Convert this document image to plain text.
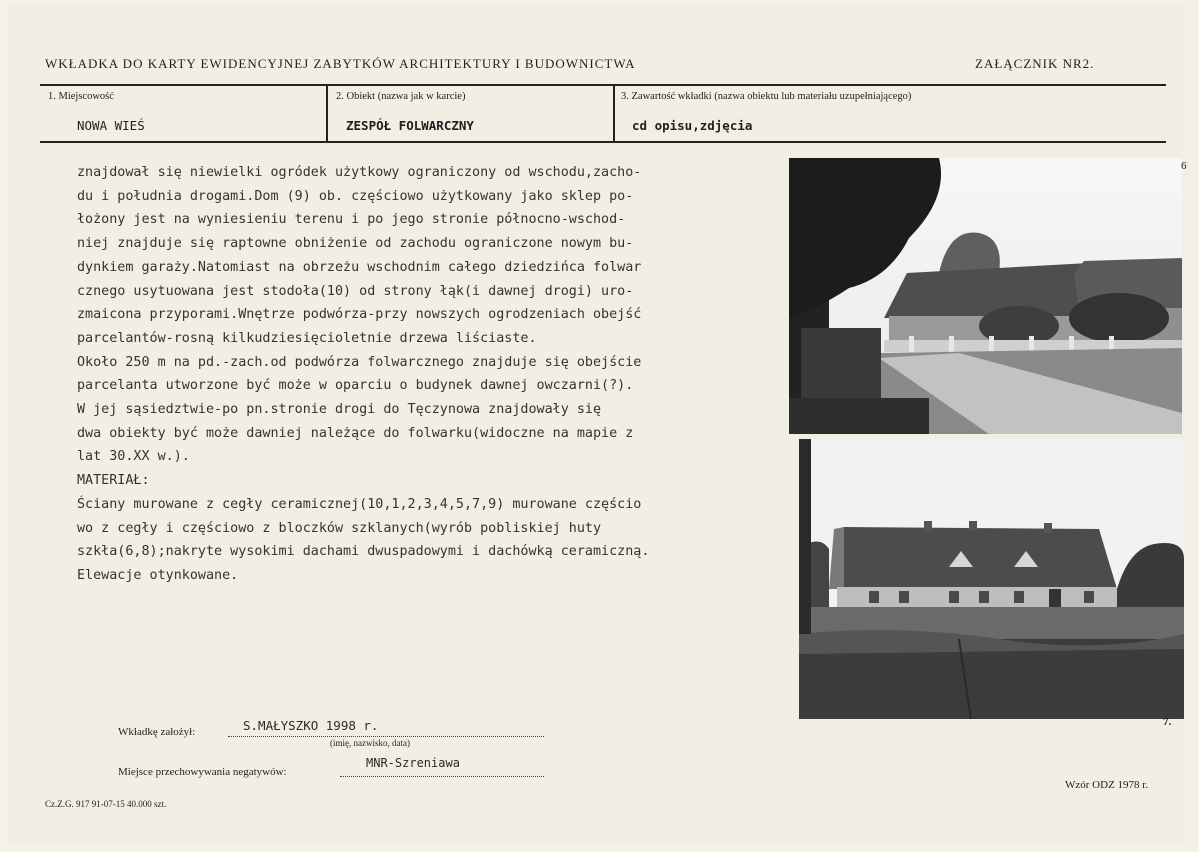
WKŁADKA DO KARTY EWIDENCYJNEJ ZABYTKÓW ARCHITEKTURY I BUDOWNICTWA	ZAŁĄCZNIK NR2.
1. Miejscowość
NOWA WIEŚ
2. Obiekt (nazwa jak w karcie)
ZESPÓŁ FOLWARCZNY
3. Zawartość wkładki (nazwa obiektu lub materiału uzupełniającego)
cd opisu,zdjęcia
znajdował się niewielki ogródek użytkowy ograniczony od wschodu,zacho-
du i południa drogami.Dom (9) ob. częściowo użytkowany jako sklep po-
łożony jest na wyniesieniu terenu i po jego stronie północno-wschod-
niej znajduje się raptowne obniżenie od zachodu ograniczone nowym bu-
dynkiem garaży.Natomiast na obrzeżu wschodnim całego dziedzińca folwar
cznego usytuowana jest stodoła(10) od strony łąk(i dawnej drogi) uro-
zmaicona przyporami.Wnętrze podwórza-przy nowszych ogrodzeniach obejść
parcelantów-rosną kilkudziesięcioletnie drzewa liściaste.
Około 250 m na pd.-zach.od podwórza folwarcznego znajduje się obejście
parcelanta utworzone być może w oparciu o budynek dawnej owczarni(?).
W jej sąsiedztwie-po pn.stronie drogi do Tęczynowa znajdowały się
dwa obiekty być może dawniej należące do folwarku(widoczne na mapie z
lat 30.XX w.).
MATERIAŁ:
Ściany murowane z cegły ceramicznej(10,1,2,3,4,5,7,9) murowane częścio
wo z cegły i częściowo z bloczków szklanych(wyrób pobliskiej huty
szkła(6,8);nakryte wysokimi dachami dwuspadowymi i dachówką ceramiczną.
Elewacje otynkowane.
6
7.
Wkładkę założył:	S.MAŁYSZKO 1998 r.
(imię, nazwisko, data)
Miejsce przechowywania negatywów:
MNR-Szreniawa
Cz.Z.G. 917 91-07-15 40.000 szt.
Wzór ODZ 1978 r.
